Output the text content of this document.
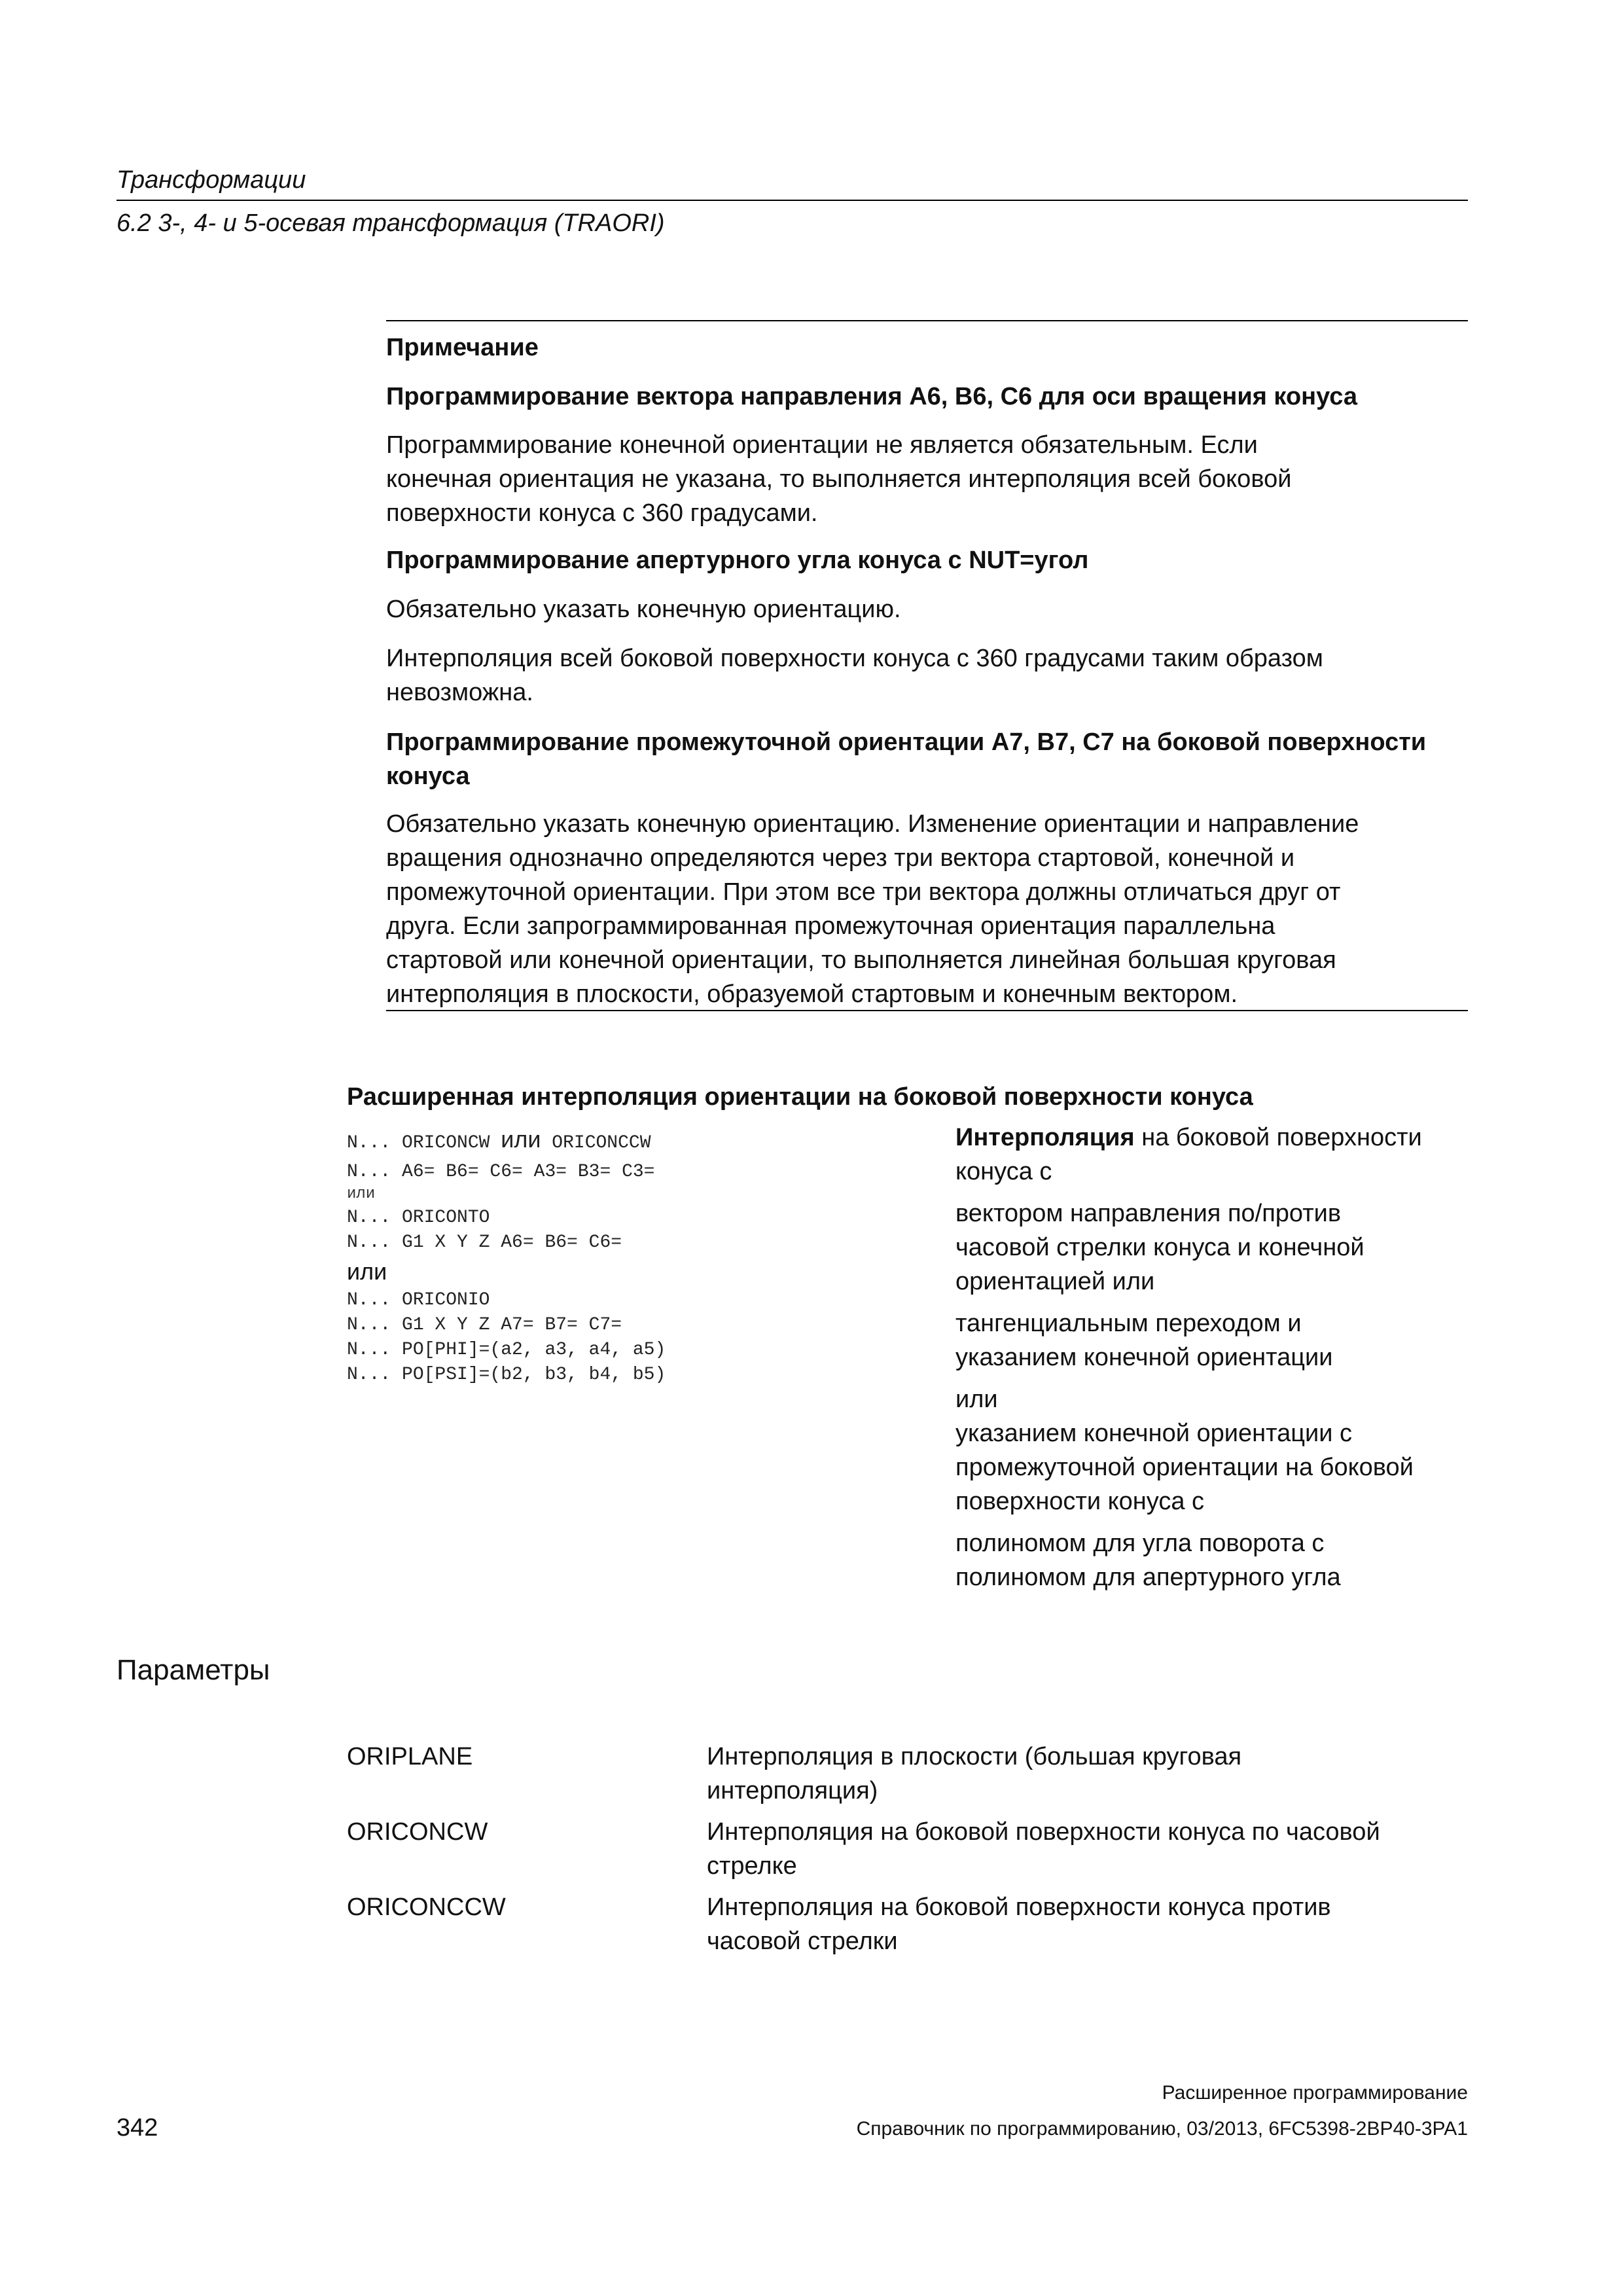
Трансформации
6.2 3-, 4- и 5-осевая трансформация (TRAORI)
Примечание
Программирование вектора направления A6, B6, C6 для оси вращения конуса
Программирование конечной ориентации не является обязательным. Если
конечная ориентация не указана, то выполняется интерполяция всей боковой
поверхности конуса с 360 градусами.
Программирование апертурного угла конуса с NUT=угол
Обязательно указать конечную ориентацию.
Интерполяция всей боковой поверхности конуса с 360 градусами таким образом
невозможна.
Программирование промежуточной ориентации A7, B7, C7 на боковой поверхности
конуса
Обязательно указать конечную ориентацию. Изменение ориентации и направление
вращения однозначно определяются через три вектора стартовой, конечной и
промежуточной ориентации. При этом все три вектора должны отличаться друг от
друга. Если запрограммированная промежуточная ориентация параллельна
стартовой или конечной ориентации, то выполняется линейная большая круговая
интерполяция в плоскости, образуемой стартовым и конечным вектором.
Расширенная интерполяция ориентации на боковой поверхности конуса
N... ORICONCW или ORICONCCW
N... A6= B6= C6= A3= B3= C3=
или
N... ORICONTO
N... G1 X Y Z A6= B6= C6=
или
N... ORICONIO
N... G1 X Y Z A7= B7= C7=
N... PO[PHI]=(a2, a3, a4, a5)
N... PO[PSI]=(b2, b3, b4, b5)
Интерполяция на боковой поверхности
конуса с
вектором направления по/против
часовой стрелки конуса и конечной
ориентацией или
тангенциальным переходом и
указанием конечной ориентации
или
указанием конечной ориентации с
промежуточной ориентации на боковой
поверхности конуса с
полиномом для угла поворота с
полиномом для апертурного угла
Параметры
ORIPLANE	Интерполяция в плоскости (большая круговая
интерполяция)
ORICONCW	Интерполяция на боковой поверхности конуса по часовой
стрелке
ORICONCCW	Интерполяция на боковой поверхности конуса против
часовой стрелки
Расширенное программирование
342	Справочник по программированию, 03/2013, 6FC5398-2BP40-3PA1
